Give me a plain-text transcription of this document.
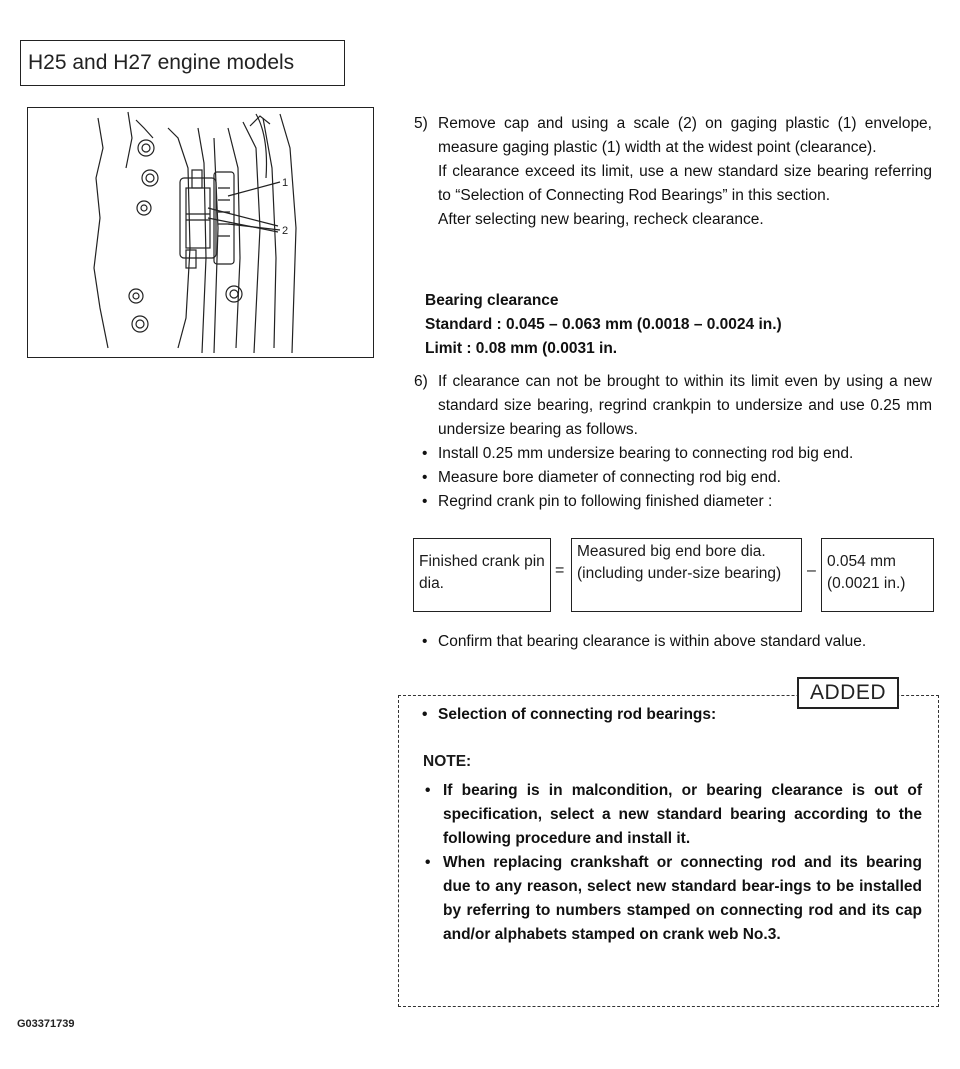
H25 and H27 engine models
1
2
5) Remove cap and using a scale (2) on gaging plastic (1) envelope, measure gaging plastic (1) width at the widest point (clearance).

If clearance exceed its limit, use a new standard size bearing referring to “Selection of Connecting Rod Bearings” in this section.

After selecting new bearing, recheck clearance.

Bearing clearance
Standard : 0.045 – 0.063 mm (0.0018 – 0.0024 in.)
Limit : 0.08 mm (0.0031 in.
6) If clearance can not be brought to within its limit even by using a new standard size bearing, regrind crankpin to undersize and use 0.25 mm undersize bearing as follows.

• Install 0.25 mm undersize bearing to connecting rod big end.
• Measure bore diameter of connecting rod big end.
• Regrind crank pin to following finished diameter :
Finished crank pin dia.
=
Measured big end bore dia. (including under-size bearing)	–
0.054 mm (0.0021 in.)
• Confirm that bearing clearance is within above standard value.
ADDED
• Selection of connecting rod bearings:
NOTE:
• If bearing is in malcondition, or bearing clearance is out of specification, select a new standard bearing according to the following procedure and install it.
• When replacing crankshaft or connecting rod and its bearing due to any reason, select new standard bear-ings to be installed by referring to numbers stamped on connecting rod and its cap and/or alphabets stamped on crank web No.3.
G03371739
